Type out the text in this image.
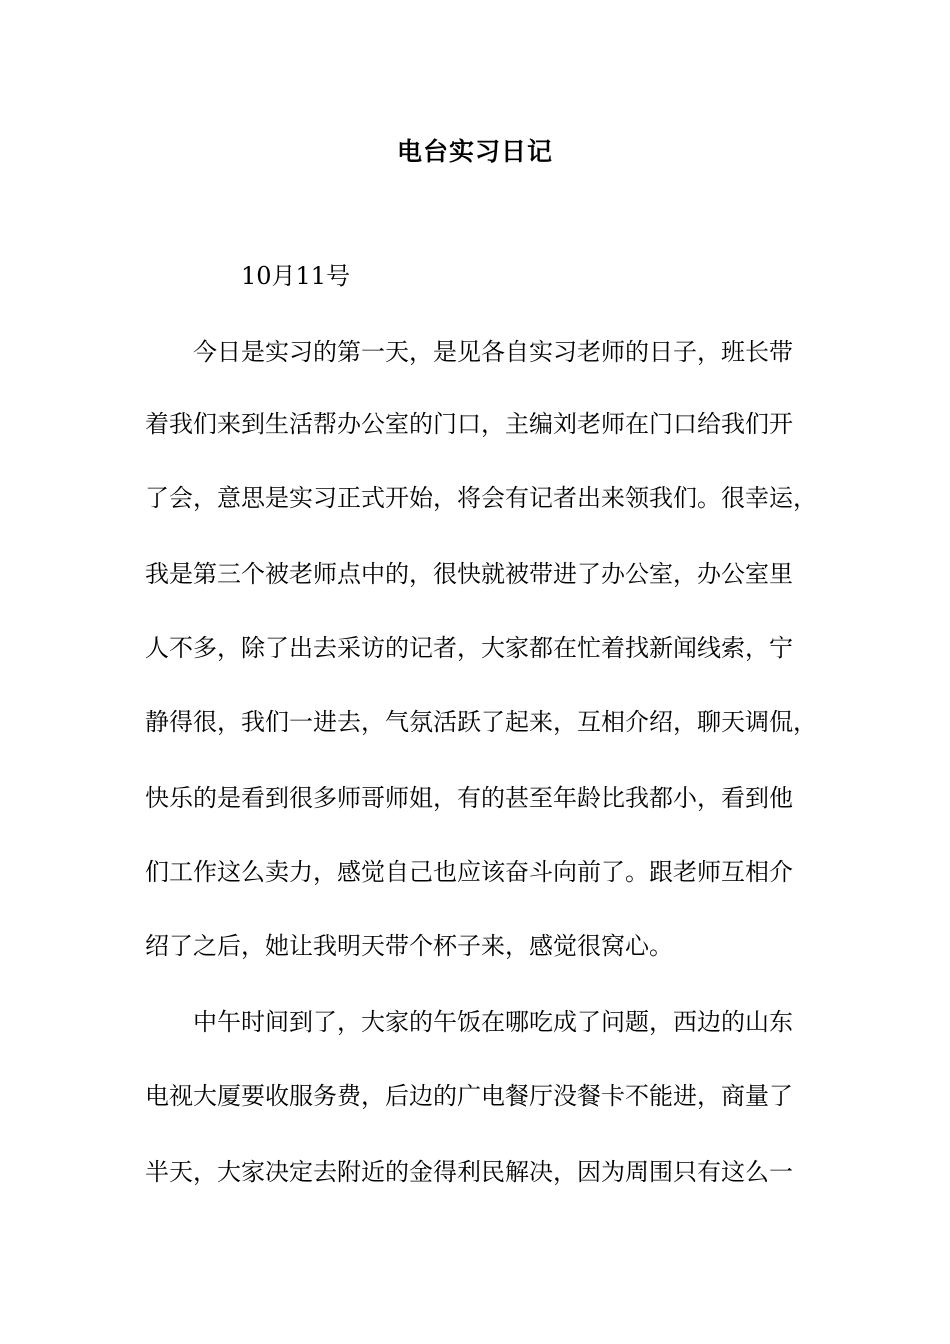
电台实习日记
10月11号
今日是实习的第一天，是见各自实习老师的日子，班长带
着我们来到生活帮办公室的门口，主编刘老师在门口给我们开
了会，意思是实习正式开始，将会有记者出来领我们。很幸运，
我是第三个被老师点中的，很快就被带进了办公室，办公室里
人不多，除了出去采访的记者，大家都在忙着找新闻线索，宁
静得很，我们一进去，气氛活跃了起来，互相介绍，聊天调侃，
快乐的是看到很多师哥师姐，有的甚至年龄比我都小，看到他
们工作这么卖力，感觉自己也应该奋斗向前了。跟老师互相介
绍了之后，她让我明天带个杯子来，感觉很窝心。
中午时间到了，大家的午饭在哪吃成了问题，西边的山东
电视大厦要收服务费，后边的广电餐厅没餐卡不能进，商量了
半天，大家决定去附近的金得利民解决，因为周围只有这么一
